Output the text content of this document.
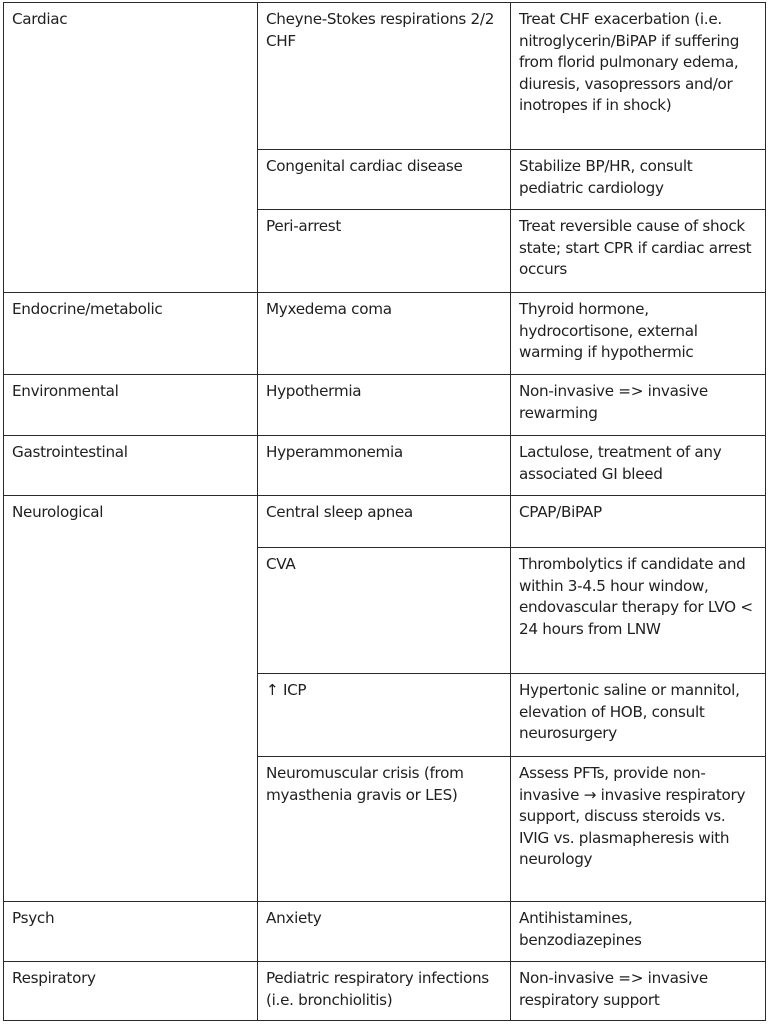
Cardiac	Cheyne-Stokes respirations 2/2 CHF	Treat CHF exacerbation (i.e. nitroglycerin/BiPAP if suffering from florid pulmonary edema, diuresis, vasopressors and/or inotropes if in shock)
	Congenital cardiac disease	Stabilize BP/HR, consult pediatric cardiology
	Peri-arrest	Treat reversible cause of shock state; start CPR if cardiac arrest occurs
Endocrine/metabolic	Myxedema coma	Thyroid hormone, hydrocortisone, external warming if hypothermic
Environmental	Hypothermia	Non-invasive => invasive rewarming
Gastrointestinal	Hyperammonemia	Lactulose, treatment of any associated GI bleed
Neurological	Central sleep apnea	CPAP/BiPAP
	CVA	Thrombolytics if candidate and within 3-4.5 hour window, endovascular therapy for LVO < 24 hours from LNW
	↑ ICP	Hypertonic saline or mannitol, elevation of HOB, consult neurosurgery
	Neuromuscular crisis (from myasthenia gravis or LES)	Assess PFTs, provide non-invasive → invasive respiratory support, discuss steroids vs. IVIG vs. plasmapheresis with neurology
Psych	Anxiety	Antihistamines, benzodiazepines
Respiratory	Pediatric respiratory infections (i.e. bronchiolitis)	Non-invasive => invasive respiratory support
